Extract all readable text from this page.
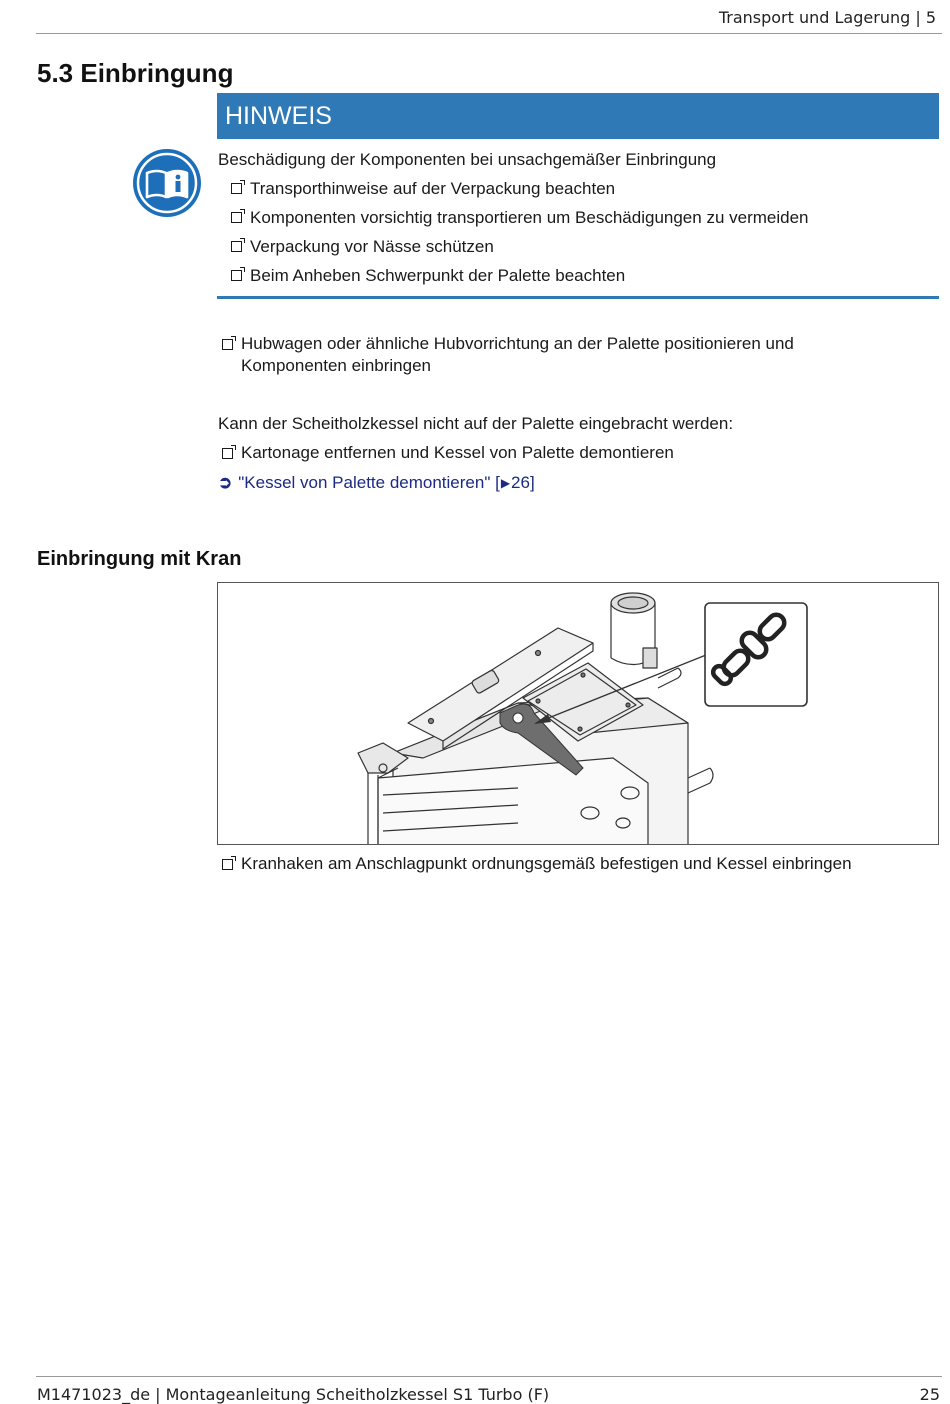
Transport und Lagerung | 5
5.3 Einbringung
HINWEIS
Beschädigung der Komponenten bei unsachgemäßer Einbringung
Transporthinweise auf der Verpackung beachten
Komponenten vorsichtig transportieren um Beschädigungen zu vermeiden
Verpackung vor Nässe schützen
Beim Anheben Schwerpunkt der Palette beachten
Hubwagen oder ähnliche Hubvorrichtung an der Palette positionieren und
Komponenten einbringen
Kann der Scheitholzkessel nicht auf der Palette eingebracht werden:
Kartonage entfernen und Kessel von Palette demontieren
➲ "Kessel von Palette demontieren" [ ▶ 26]
Einbringung mit Kran
Kranhaken am Anschlagpunkt ordnungsgemäß befestigen und Kessel einbringen
M1471023_de | Montageanleitung Scheitholzkessel S1 Turbo (F)	25
